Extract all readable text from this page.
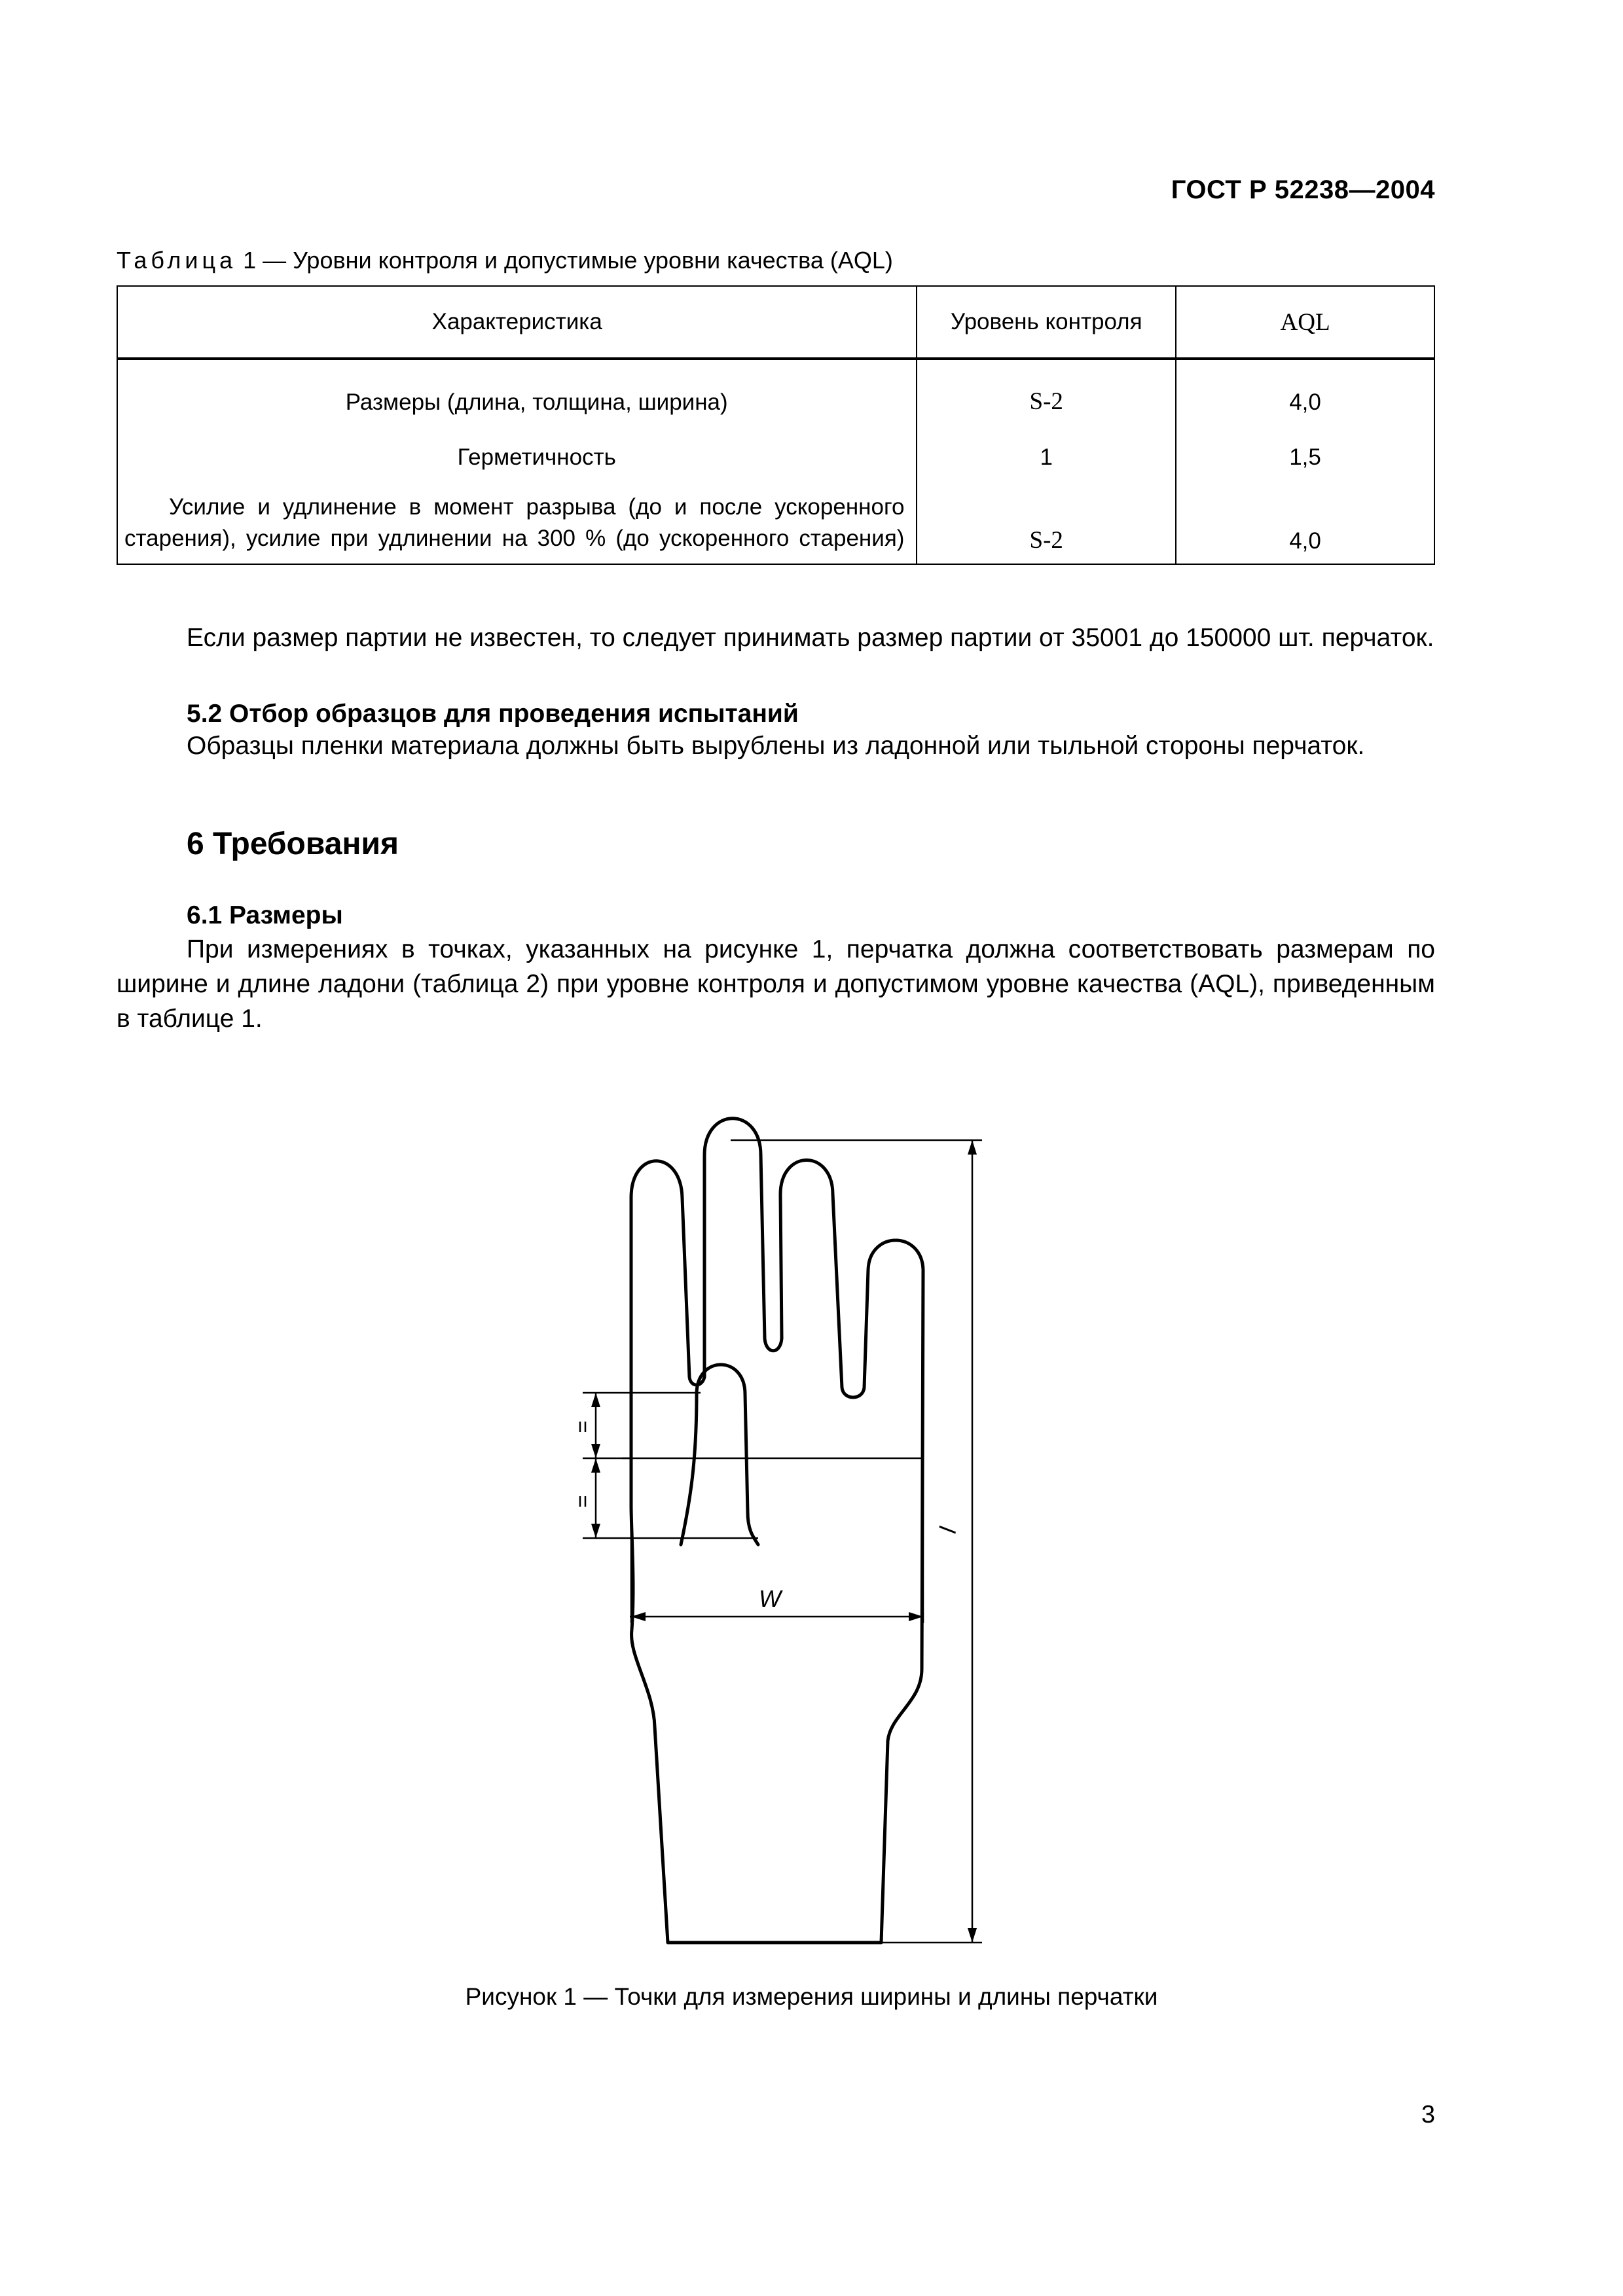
ГОСТ Р 52238—2004
Таблица 1 — Уровни контроля и допустимые уровни качества (AQL)
Характеристика	Уровень контроля	AQL
Размеры (длина, толщина, ширина)	S-2	4,0
Герметичность	1	1,5

Усилие и удлинение в момент разрыва (до и после ускоренного
старения), усилие при удлинении на 300 % (до ускоренного старения)	S-2	4,0
Если размер партии не известен, то следует принимать размер партии от 35001 до 150000 шт. перчаток.
5.2 Отбор образцов для проведения испытаний
Образцы пленки материала должны быть вырублены из ладонной или тыльной стороны перчаток.
6 Требования
6.1 Размеры
При измерениях в точках, указанных на рисунке 1, перчатка должна соответствовать размерам по ширине и длине ладони (таблица 2) при уровне контроля и допустимом уровне качества (AQL), приведенным в таблице 1.
W
l
Рисунок 1 — Точки для измерения ширины и длины перчатки
3
